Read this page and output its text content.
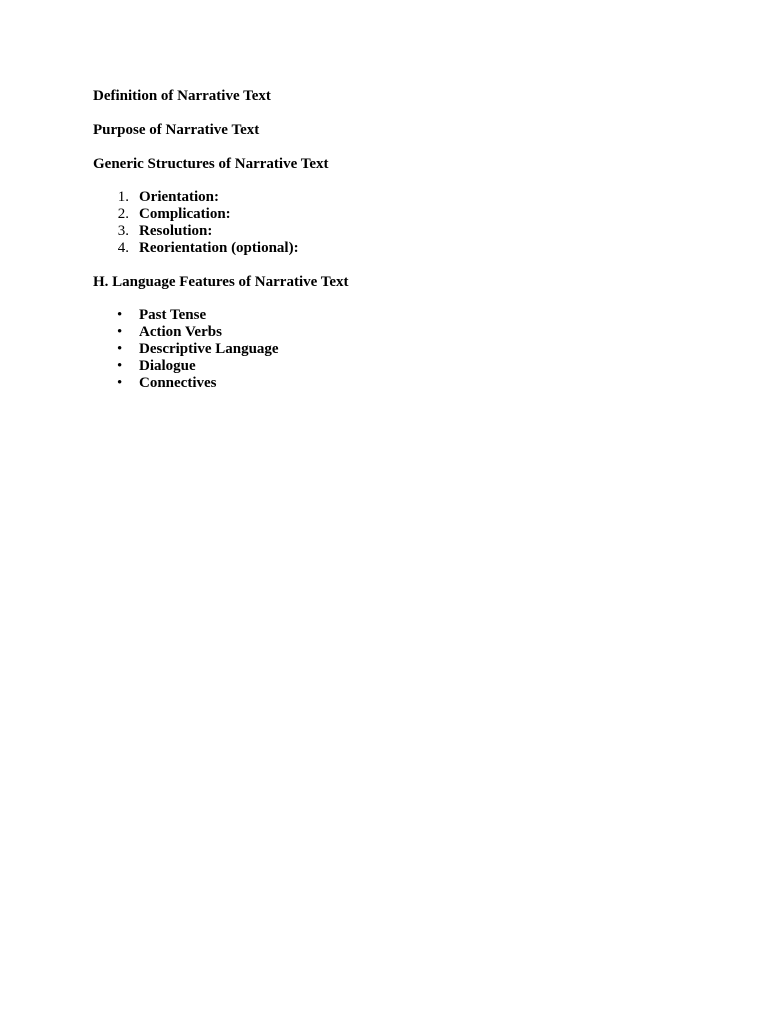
Definition of Narrative Text

Purpose of Narrative Text

Generic Structures of Narrative Text

1. Orientation:
2. Complication:
3. Resolution:
4. Reorientation (optional):

H. Language Features of Narrative Text

• Past Tense
• Action Verbs
• Descriptive Language
• Dialogue
• Connectives
